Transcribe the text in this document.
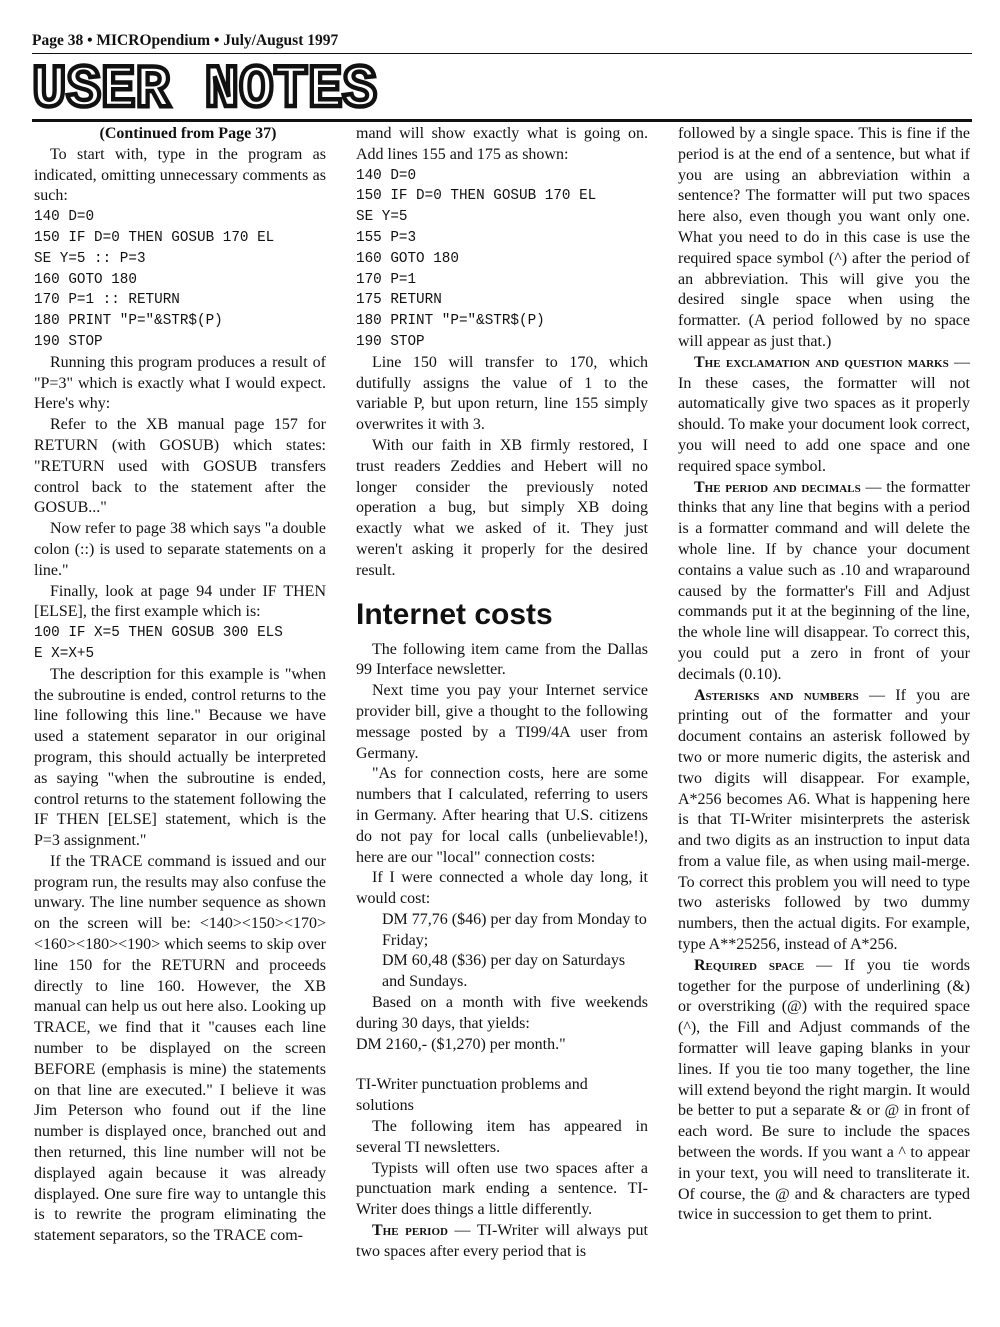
Page 38 • MICROpendium • July/August 1997
USER NOTES

(Continued from Page 37)

To start with, type in the program as indicated, omitting unnecessary comments as such:

140 D=0
150 IF D=0 THEN GOSUB 170 EL
SE Y=5 :: P=3
160 GOTO 180
170 P=1 :: RETURN
180 PRINT "P="&STR$(P)
190 STOP

Running this program produces a result of "P=3" which is exactly what I would expect. Here's why:

Refer to the XB manual page 157 for RETURN (with GOSUB) which states: "RETURN used with GOSUB transfers control back to the statement after the GOSUB..."

Now refer to page 38 which says "a double colon (::) is used to separate statements on a line."

Finally, look at page 94 under IF THEN [ELSE], the first example which is:

100 IF X=5 THEN GOSUB 300 ELS
E X=X+5

The description for this example is "when the subroutine is ended, control returns to the line following this line." Because we have used a statement separator in our original program, this should actually be interpreted as saying "when the subroutine is ended, control returns to the statement following the IF THEN [ELSE] statement, which is the P=3 assignment."

If the TRACE command is issued and our program run, the results may also confuse the unwary. The line number sequence as shown on the screen will be: <140><150><170><160><180><190> which seems to skip over line 150 for the RETURN and proceeds directly to line 160. However, the XB manual can help us out here also. Looking up TRACE, we find that it "causes each line number to be displayed on the screen BEFORE (emphasis is mine) the statements on that line are executed." I believe it was Jim Peterson who found out if the line number is displayed once, branched out and then returned, this line number will not be displayed again because it was already displayed. One sure fire way to untangle this is to rewrite the program eliminating the statement separators, so the TRACE com-

mand will show exactly what is going on. Add lines 155 and 175 as shown:

140 D=0
150 IF D=0 THEN GOSUB 170 EL
SE Y=5
155 P=3
160 GOTO 180
170 P=1
175 RETURN
180 PRINT "P="&STR$(P)
190 STOP

Line 150 will transfer to 170, which dutifully assigns the value of 1 to the variable P, but upon return, line 155 simply overwrites it with 3.

With our faith in XB firmly restored, I trust readers Zeddies and Hebert will no longer consider the previously noted operation a bug, but simply XB doing exactly what we asked of it. They just weren't asking it properly for the desired result.

Internet costs

The following item came from the Dallas 99 Interface newsletter.

Next time you pay your Internet service provider bill, give a thought to the following message posted by a TI99/4A user from Germany.

"As for connection costs, here are some numbers that I calculated, referring to users in Germany. After hearing that U.S. citizens do not pay for local calls (unbelievable!), here are our "local" connection costs:

If I were connected a whole day long, it would cost:

DM 77,76 ($46) per day from Monday to Friday;

DM 60,48 ($36) per day on Saturdays and Sundays.

Based on a month with five weekends during 30 days, that yields:

DM 2160,- ($1,270) per month."

TI-Writer punctuation problems and solutions

The following item has appeared in several TI newsletters.

Typists will often use two spaces after a punctuation mark ending a sentence. TI-Writer does things a little differently.

The period — TI-Writer will always put two spaces after every period that is

followed by a single space. This is fine if the period is at the end of a sentence, but what if you are using an abbreviation within a sentence? The formatter will put two spaces here also, even though you want only one. What you need to do in this case is use the required space symbol (^) after the period of an abbreviation. This will give you the desired single space when using the formatter. (A period followed by no space will appear as just that.)

The exclamation and question marks — In these cases, the formatter will not automatically give two spaces as it properly should. To make your document look correct, you will need to add one space and one required space symbol.

The period and decimals — the formatter thinks that any line that begins with a period is a formatter command and will delete the whole line. If by chance your document contains a value such as .10 and wraparound caused by the formatter's Fill and Adjust commands put it at the beginning of the line, the whole line will disappear. To correct this, you could put a zero in front of your decimals (0.10).

Asterisks and numbers — If you are printing out of the formatter and your document contains an asterisk followed by two or more numeric digits, the asterisk and two digits will disappear. For example, A*256 becomes A6. What is happening here is that TI-Writer misinterprets the asterisk and two digits as an instruction to input data from a value file, as when using mail-merge. To correct this problem you will need to type two asterisks followed by two dummy numbers, then the actual digits. For example, type A**25256, instead of A*256.

Required space — If you tie words together for the purpose of underlining (&) or overstriking (@) with the required space (^), the Fill and Adjust commands of the formatter will leave gaping blanks in your lines. If you tie too many together, the line will extend beyond the right margin. It would be better to put a separate & or @ in front of each word. Be sure to include the spaces between the words. If you want a ^ to appear in your text, you will need to transliterate it. Of course, the @ and & characters are typed twice in succession to get them to print.
